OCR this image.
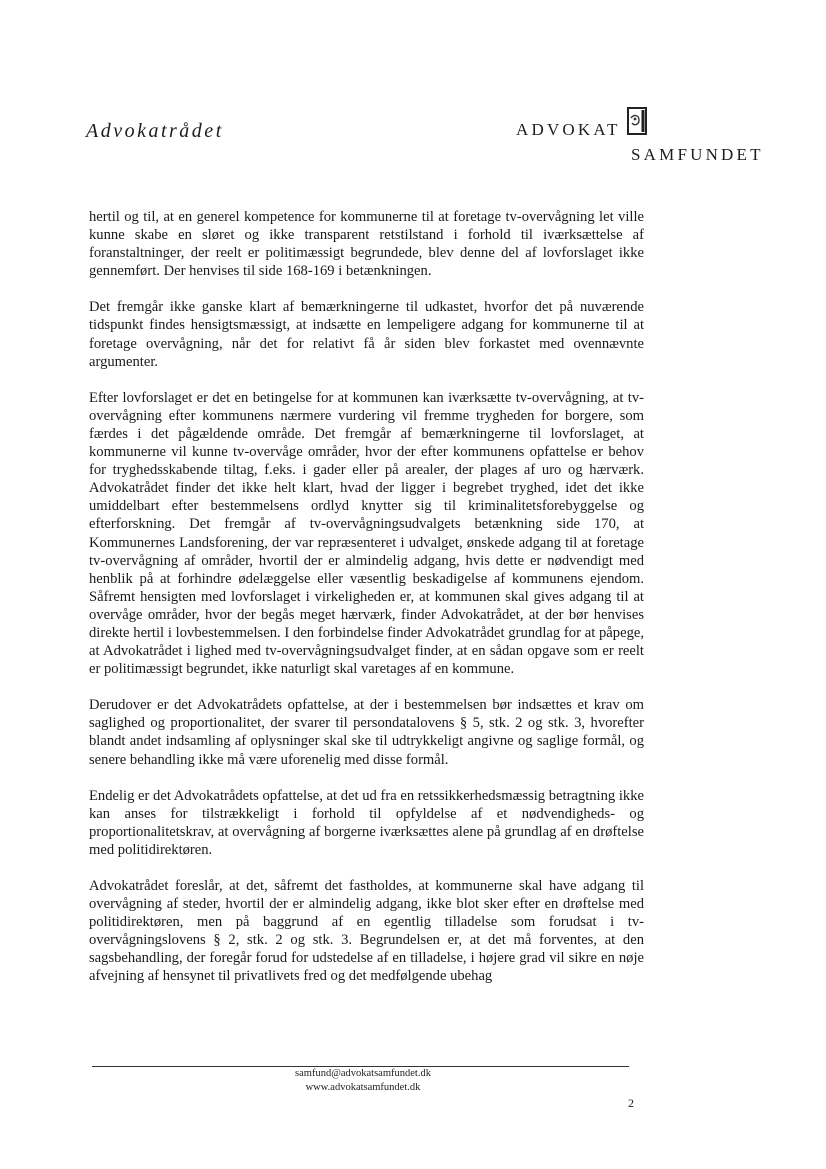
Advokatrådet	ADVOKAT
SAMFUNDET

hertil og til, at en generel kompetence for kommunerne til at foretage tv-overvågning let ville kunne skabe en sløret og ikke transparent retstilstand i forhold til iværksættelse af foranstaltninger, der reelt er politimæssigt begrundede, blev denne del af lovforslaget ikke gennemført. Der henvises til side 168-169 i betænkningen.

Det fremgår ikke ganske klart af bemærkningerne til udkastet, hvorfor det på nuværende tidspunkt findes hensigtsmæssigt, at indsætte en lempeligere adgang for kommunerne til at foretage overvågning, når det for relativt få år siden blev forkastet med ovennævnte argumenter.

Efter lovforslaget er det en betingelse for at kommunen kan iværksætte tv-overvågning, at tv-overvågning efter kommunens nærmere vurdering vil fremme trygheden for borgere, som færdes i det pågældende område. Det fremgår af bemærkningerne til lovforslaget, at kommunerne vil kunne tv-overvåge områder, hvor der efter kommunens opfattelse er behov for tryghedsskabende tiltag, f.eks. i gader eller på arealer, der plages af uro og hærværk. Advokatrådet finder det ikke helt klart, hvad der ligger i begrebet tryghed, idet det ikke umiddelbart efter bestemmelsens ordlyd knytter sig til kriminalitetsforebyggelse og efterforskning. Det fremgår af tv-overvågningsudvalgets betænkning side 170, at Kommunernes Landsforening, der var repræsenteret i udvalget, ønskede adgang til at foretage tv-overvågning af områder, hvortil der er almindelig adgang, hvis dette er nødvendigt med henblik på at forhindre ødelæggelse eller væsentlig beskadigelse af kommunens ejendom. Såfremt hensigten med lovforslaget i virkeligheden er, at kommunen skal gives adgang til at overvåge områder, hvor der begås meget hærværk, finder Advokatrådet, at der bør henvises direkte hertil i lovbestemmelsen. I den forbindelse finder Advokatrådet grundlag for at påpege, at Advokatrådet i lighed med tv-overvågningsudvalget finder, at en sådan opgave som er reelt er politimæssigt begrundet, ikke naturligt skal varetages af en kommune.

Derudover er det Advokatrådets opfattelse, at der i bestemmelsen bør indsættes et krav om saglighed og proportionalitet, der svarer til persondatalovens § 5, stk. 2 og stk. 3, hvorefter blandt andet indsamling af oplysninger skal ske til udtrykkeligt angivne og saglige formål, og senere behandling ikke må være uforenelig med disse formål.

Endelig er det Advokatrådets opfattelse, at det ud fra en retssikkerhedsmæssig betragtning ikke kan anses for tilstrækkeligt i forhold til opfyldelse af et nødvendigheds- og proportionalitetskrav, at overvågning af borgerne iværksættes alene på grundlag af en drøftelse med politidirektøren.

Advokatrådet foreslår, at det, såfremt det fastholdes, at kommunerne skal have adgang til overvågning af steder, hvortil der er almindelig adgang, ikke blot sker efter en drøftelse med politidirektøren, men på baggrund af en egentlig tilladelse som forudsat i tv-overvågningslovens § 2, stk. 2 og stk. 3. Begrundelsen er, at det må forventes, at den sagsbehandling, der foregår forud for udstedelse af en tilladelse, i højere grad vil sikre en nøje afvejning af hensynet til privatlivets fred og det medfølgende ubehag

samfund@advokatsamfundet.dk
www.advokatsamfundet.dk
2
